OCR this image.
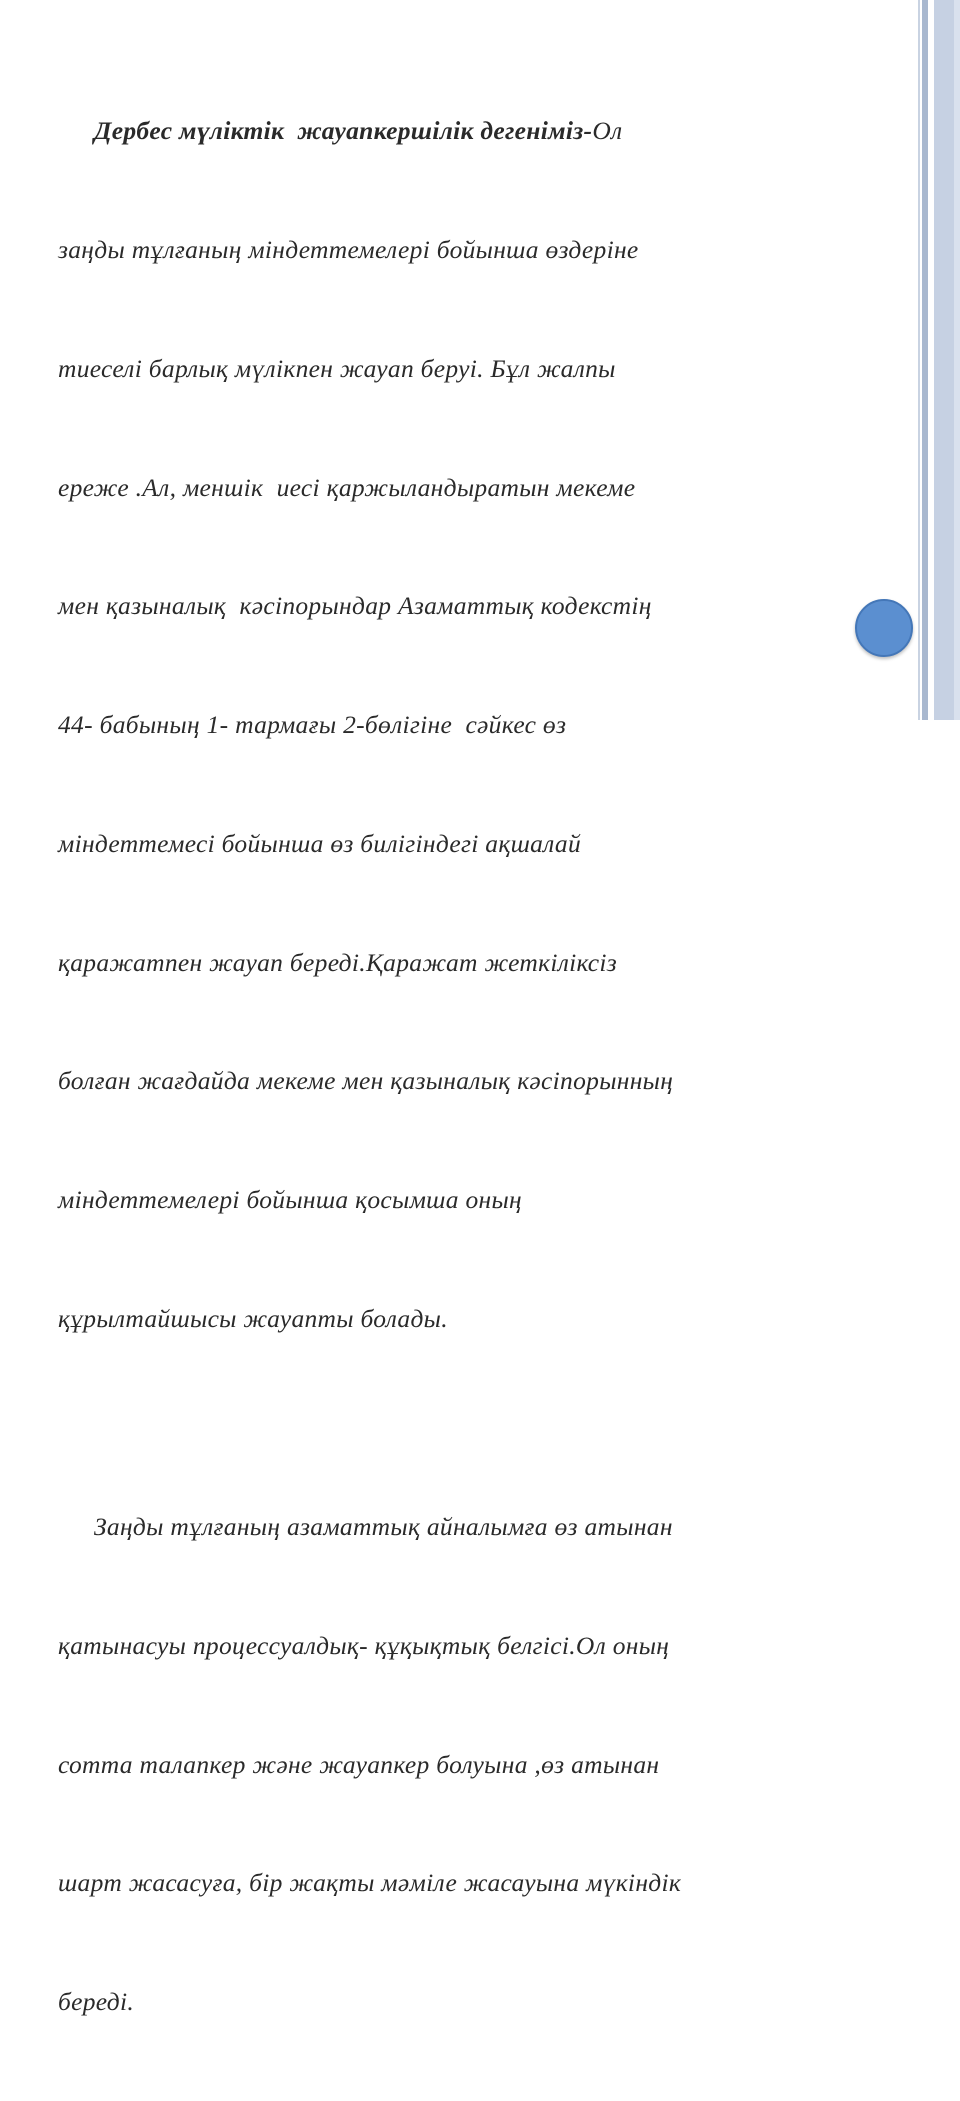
Дербес мүліктік  жауапкершілік дегеніміз-Ол

заңды тұлғаның міндеттемелері бойынша өздеріне

тиеселі барлық мүлікпен жауап беруі. Бұл жалпы

ереже .Ал, меншік  иесі қаржыландыратын мекеме

мен қазыналық  кәсіпорындар Азаматтық кодекстің

44- бабының 1- тармағы 2-бөлігіне  сәйкес өз

міндеттемесі бойынша өз билігіндегі ақшалай

қаражатпен жауап береді.Қаражат жеткіліксіз

болған жағдайда мекеме мен қазыналық кәсіпорынның

міндеттемелері бойынша қосымша оның

құрылтайшысы жауапты болады.

Заңды тұлғаның азаматтық айналымға өз атынан

қатынасуы процессуалдық- құқықтық белгісі.Ол оның

сотта талапкер және жауапкер болуына ,өз атынан

шарт жасасуға, бір жақты мәміле жасауына мүкіндік

береді.
